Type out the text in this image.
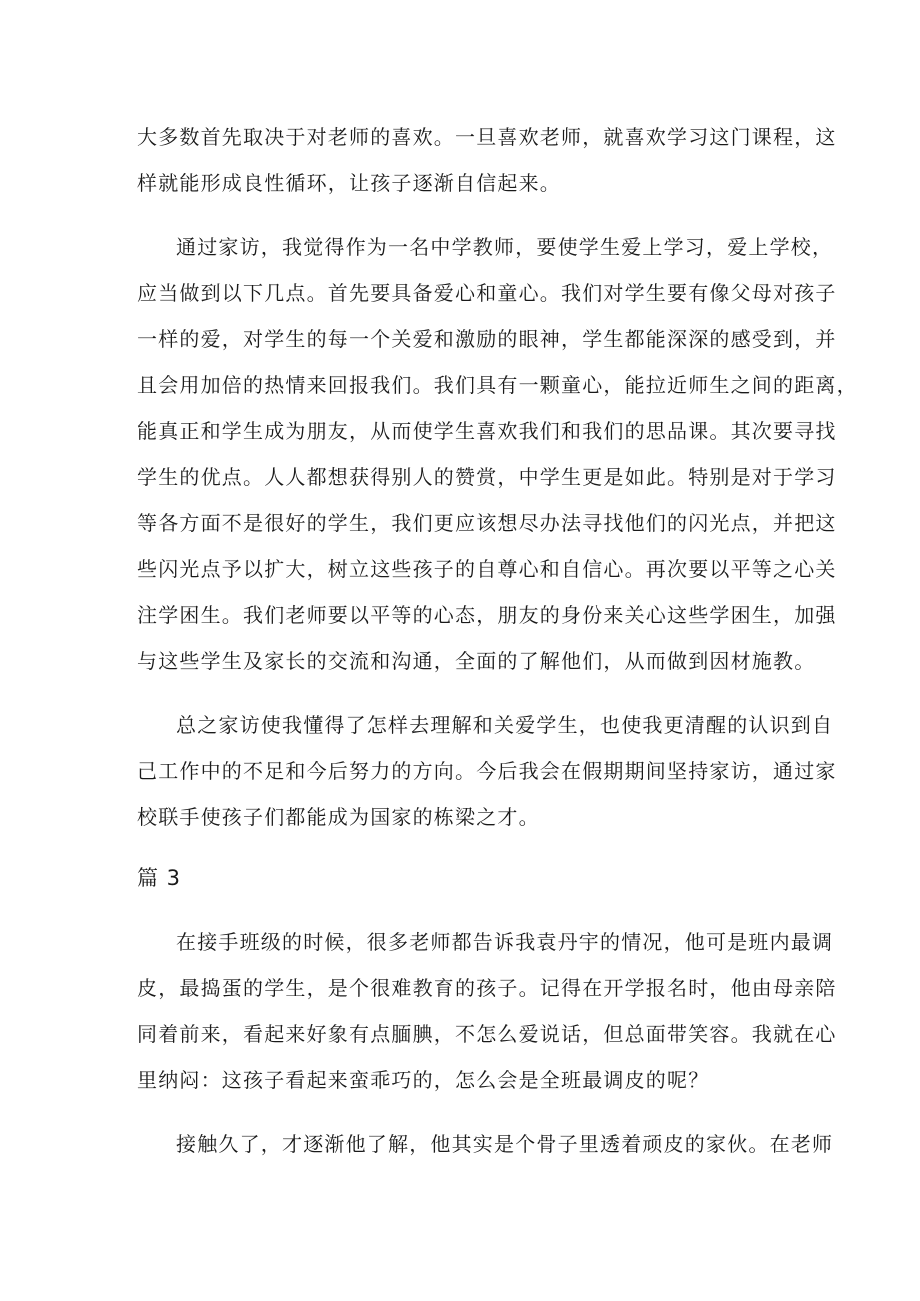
大多数首先取决于对老师的喜欢。一旦喜欢老师，就喜欢学习这门课程，这
样就能形成良性循环，让孩子逐渐自信起来。
通过家访，我觉得作为一名中学教师，要使学生爱上学习，爱上学校，
应当做到以下几点。首先要具备爱心和童心。我们对学生要有像父母对孩子
一样的爱，对学生的每一个关爱和激励的眼神，学生都能深深的感受到，并
且会用加倍的热情来回报我们。我们具有一颗童心，能拉近师生之间的距离，
能真正和学生成为朋友，从而使学生喜欢我们和我们的思品课。其次要寻找
学生的优点。人人都想获得别人的赞赏，中学生更是如此。特别是对于学习
等各方面不是很好的学生，我们更应该想尽办法寻找他们的闪光点，并把这
些闪光点予以扩大，树立这些孩子的自尊心和自信心。再次要以平等之心关
注学困生。我们老师要以平等的心态，朋友的身份来关心这些学困生，加强
与这些学生及家长的交流和沟通，全面的了解他们，从而做到因材施教。
总之家访使我懂得了怎样去理解和关爱学生，也使我更清醒的认识到自
己工作中的不足和今后努力的方向。今后我会在假期期间坚持家访，通过家
校联手使孩子们都能成为国家的栋梁之才。
篇 3
在接手班级的时候，很多老师都告诉我袁丹宇的情况，他可是班内最调
皮，最捣蛋的学生，是个很难教育的孩子。记得在开学报名时，他由母亲陪
同着前来，看起来好象有点腼腆，不怎么爱说话，但总面带笑容。我就在心
里纳闷：这孩子看起来蛮乖巧的，怎么会是全班最调皮的呢？
接触久了，才逐渐他了解，他其实是个骨子里透着顽皮的家伙。在老师
